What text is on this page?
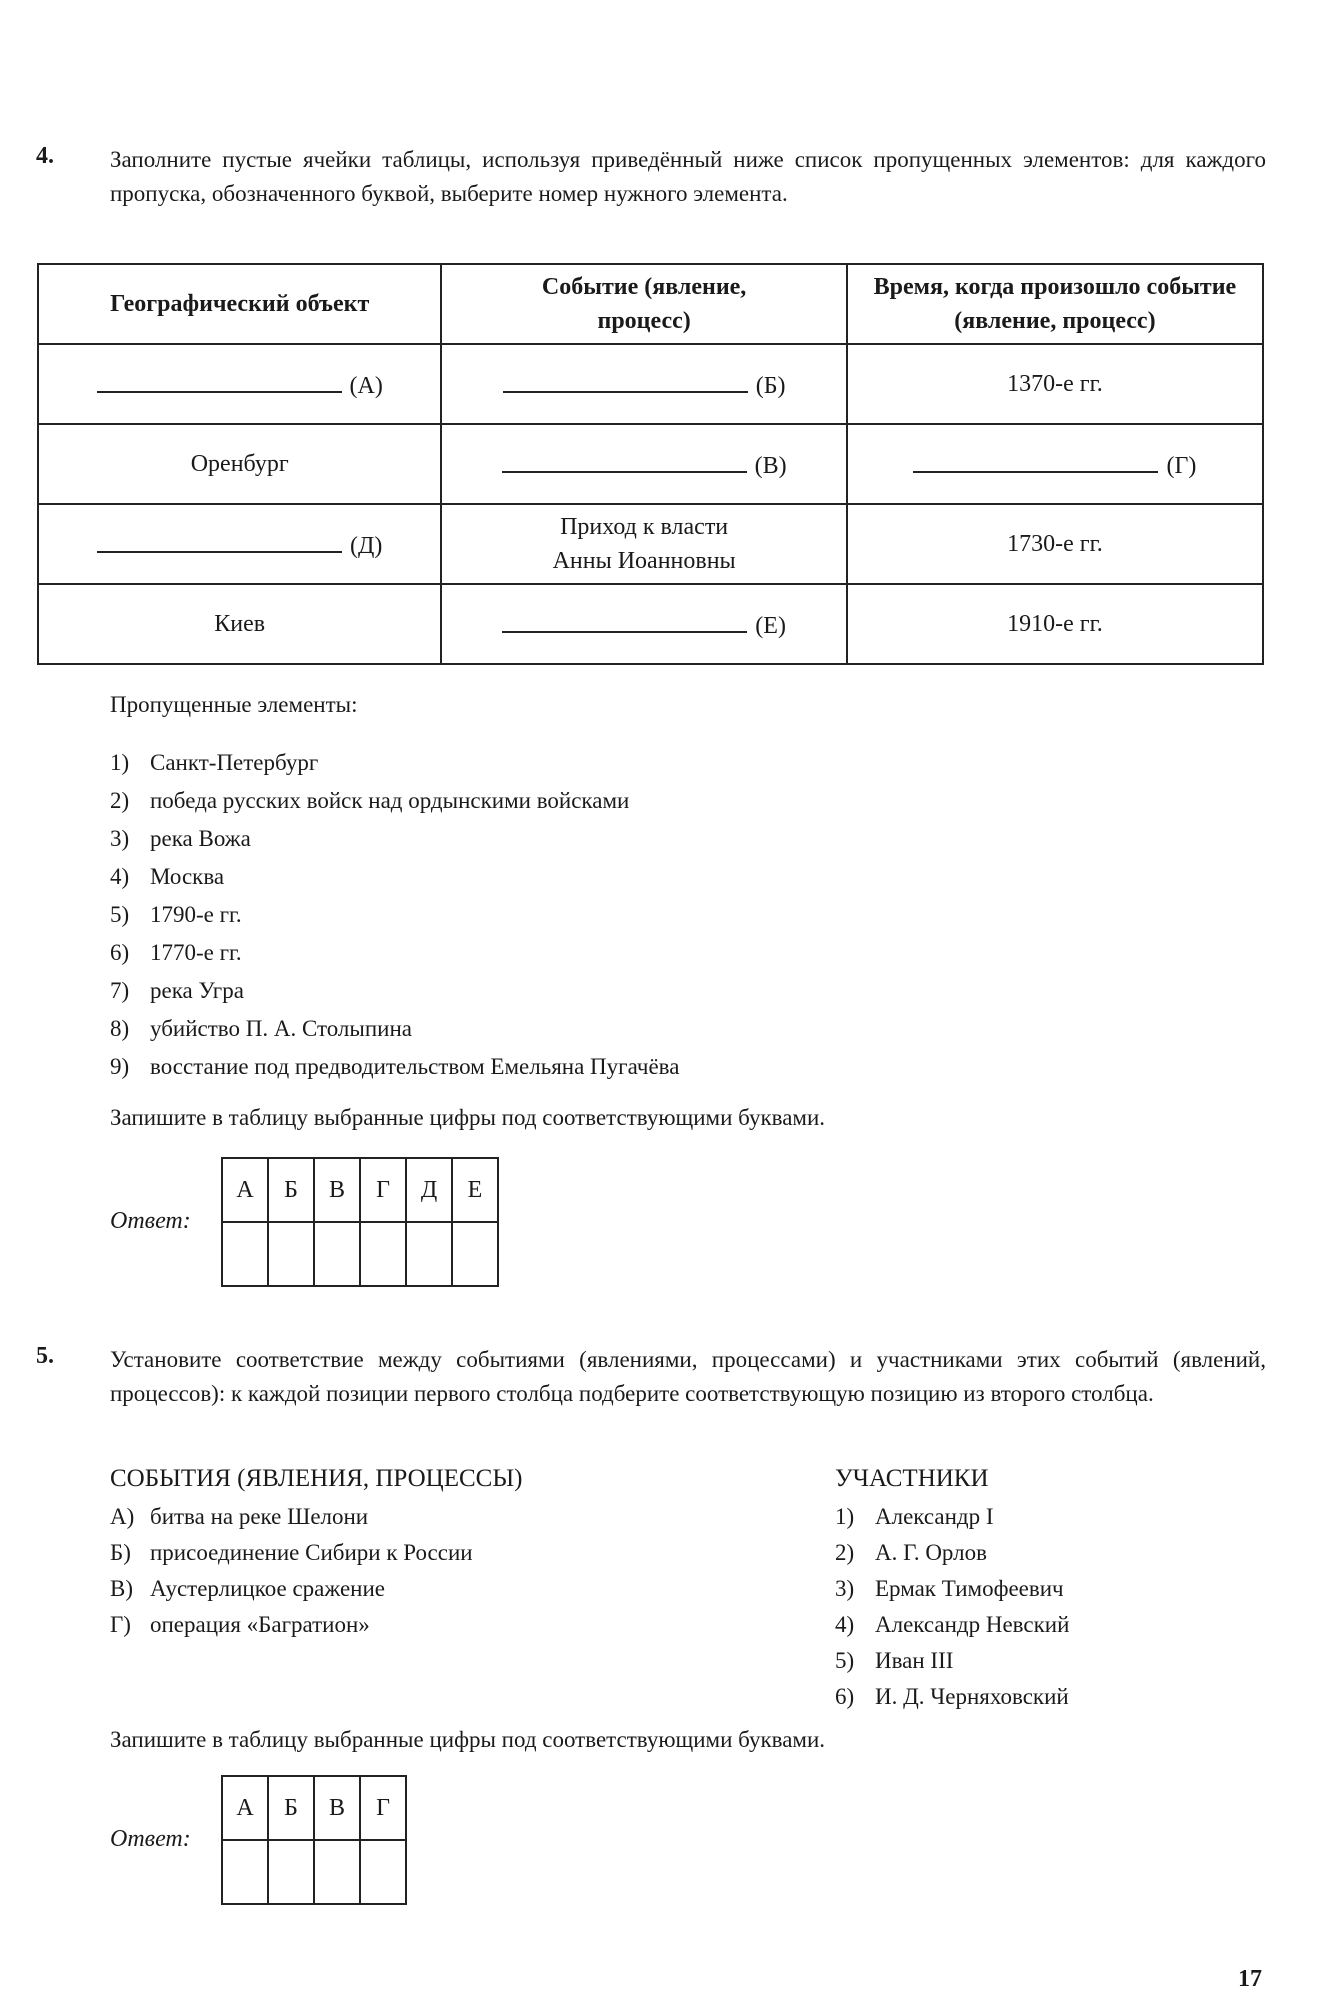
4. Заполните пустые ячейки таблицы, используя приведённый ниже список пропущенных элементов: для каждого пропуска, обозначенного буквой, выберите номер нужного элемента.
Географический объект	Событие (явление, процесс)	Время, когда произошло событие (явление, процесс)
(А)	(Б)	1370-е гг.
Оренбург	(В)	(Г)
(Д)	Приход к власти Анны Иоанновны	1730-е гг.
Киев	(Е)	1910-е гг.
Пропущенные элементы:
1) Санкт-Петербург
2) победа русских войск над ордынскими войсками
3) река Вожа
4) Москва
5) 1790-е гг.
6) 1770-е гг.
7) река Угра
8) убийство П. А. Столыпина
9) восстание под предводительством Емельяна Пугачёва
Запишите в таблицу выбранные цифры под соответствующими буквами.
Ответ:
А	Б	В	Г	Д	Е

5. Установите соответствие между событиями (явлениями, процессами) и участниками этих событий (явлений, процессов): к каждой позиции первого столбца подберите соответствующую позицию из второго столбца.
СОБЫТИЯ (ЯВЛЕНИЯ, ПРОЦЕССЫ)
А) битва на реке Шелони
Б) присоединение Сибири к России
В) Аустерлицкое сражение
Г) операция «Багратион»
УЧАСТНИКИ
1) Александр I
2) А. Г. Орлов
3) Ермак Тимофеевич
4) Александр Невский
5) Иван III
6) И. Д. Черняховский
Запишите в таблицу выбранные цифры под соответствующими буквами.
Ответ:
А	Б	В	Г

17
